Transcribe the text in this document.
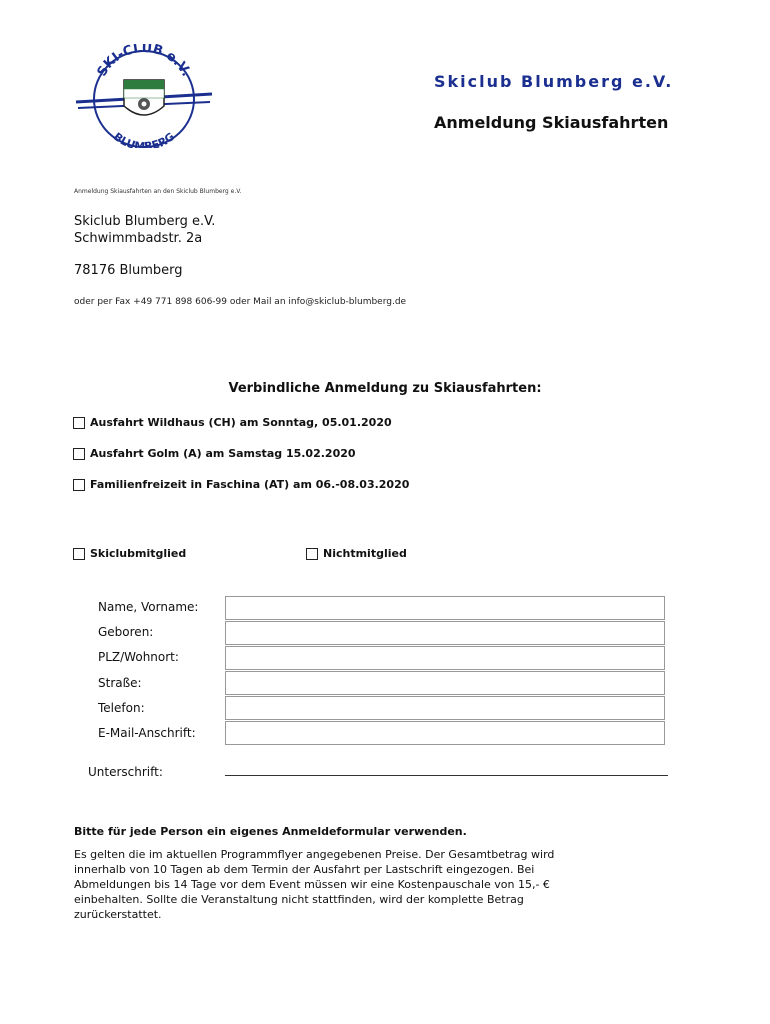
SKI-CLUB e.V.
BLUMBERG
Skiclub Blumberg e.V.
Anmeldung Skiausfahrten
Anmeldung Skiausfahrten an den Skiclub Blumberg e.V.
Skiclub Blumberg e.V.
Schwimmbadstr. 2a
78176 Blumberg
oder per Fax +49 771 898 606-99 oder Mail an info@skiclub-blumberg.de
Verbindliche Anmeldung zu Skiausfahrten:
Ausfahrt Wildhaus (CH) am Sonntag, 05.01.2020
Ausfahrt Golm (A) am Samstag 15.02.2020
Familienfreizeit in Faschina (AT) am 06.-08.03.2020
Skiclubmitglied	Nichtmitglied
Name, Vorname:
Geboren:
PLZ/Wohnort:
Straße:
Telefon:
E-Mail-Anschrift:
Unterschrift:
Bitte für jede Person ein eigenes Anmeldeformular verwenden.
Es gelten die im aktuellen Programmflyer angegebenen Preise. Der Gesamtbetrag wird
innerhalb von 10 Tagen ab dem Termin der Ausfahrt per Lastschrift eingezogen. Bei
Abmeldungen bis 14 Tage vor dem Event müssen wir eine Kostenpauschale von 15,- €
einbehalten. Sollte die Veranstaltung nicht stattfinden, wird der komplette Betrag
zurückerstattet.
